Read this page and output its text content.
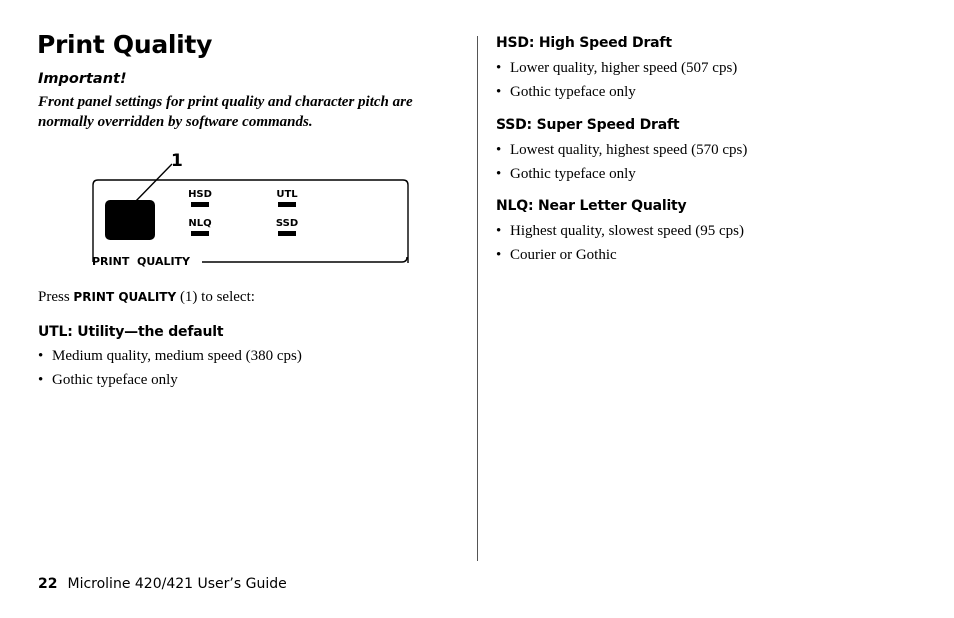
Print Quality
Important!
Front panel settings for print quality and character pitch are normally overridden by software commands.
1
HSD	UTL
NLQ	SSD
PRINT  QUALITY
Press PRINT QUALITY (1) to select:
UTL: Utility—the default
• Medium quality, medium speed (380 cps)
• Gothic typeface only
HSD: High Speed Draft
• Lower quality, higher speed (507 cps)
• Gothic typeface only
SSD: Super Speed Draft
• Lowest quality, highest speed (570 cps)
• Gothic typeface only
NLQ: Near Letter Quality
• Highest quality, slowest speed (95 cps)
• Courier or Gothic
22 Microline 420/421 User’s Guide
